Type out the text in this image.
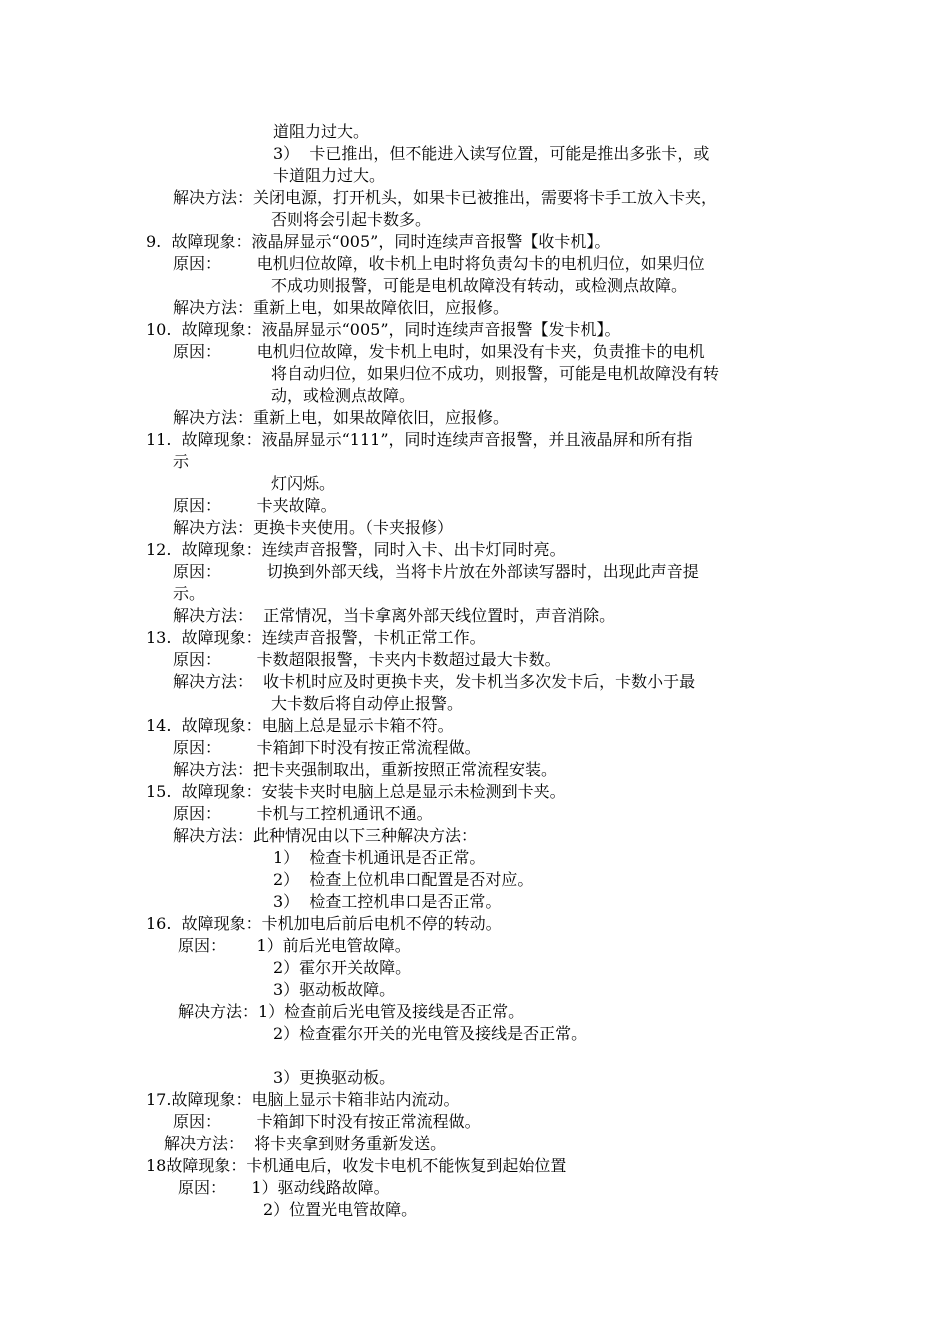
道阻力过大。
3）  卡已推出，但不能进入读写位置，可能是推出多张卡，或
卡道阻力过大。
解决方法：关闭电源，打开机头，如果卡已被推出，需要将卡手工放入卡夹，
否则将会引起卡数多。
9.  故障现象：液晶屏显示“005”，同时连续声音报警【收卡机】。
原因：       电机归位故障，收卡机上电时将负责勾卡的电机归位，如果归位
不成功则报警，可能是电机故障没有转动，或检测点故障。
解决方法：重新上电，如果故障依旧，应报修。
10.  故障现象：液晶屏显示“005”，同时连续声音报警【发卡机】。
原因：       电机归位故障，发卡机上电时，如果没有卡夹，负责推卡的电机
将自动归位，如果归位不成功，则报警，可能是电机故障没有转
动，或检测点故障。
解决方法：重新上电，如果故障依旧，应报修。
11.  故障现象：液晶屏显示“111”，同时连续声音报警，并且液晶屏和所有指
示
灯闪烁。
原因：       卡夹故障。
解决方法：更换卡夹使用。（卡夹报修）
12.  故障现象：连续声音报警，同时入卡、出卡灯同时亮。
原因：         切换到外部天线，当将卡片放在外部读写器时，出现此声音提
示。
解决方法：  正常情况，当卡拿离外部天线位置时，声音消除。
13.  故障现象：连续声音报警，卡机正常工作。
原因：       卡数超限报警，卡夹内卡数超过最大卡数。
解决方法：  收卡机时应及时更换卡夹，发卡机当多次发卡后，卡数小于最
大卡数后将自动停止报警。
14.  故障现象：电脑上总是显示卡箱不符。
原因：       卡箱卸下时没有按正常流程做。
解决方法：把卡夹强制取出，重新按照正常流程安装。
15.  故障现象：安装卡夹时电脑上总是显示未检测到卡夹。
原因：       卡机与工控机通讯不通。
解决方法：此种情况由以下三种解决方法：
1）  检查卡机通讯是否正常。
2）  检查上位机串口配置是否对应。
3）  检查工控机串口是否正常。
16.  故障现象：卡机加电后前后电机不停的转动。
原因：      1）前后光电管故障。
2）霍尔开关故障。
3）驱动板故障。
解决方法：1）检查前后光电管及接线是否正常。
2）检查霍尔开关的光电管及接线是否正常。
3）更换驱动板。
17.故障现象：电脑上显示卡箱非站内流动。
原因：       卡箱卸下时没有按正常流程做。
解决方法：  将卡夹拿到财务重新发送。
18故障现象：卡机通电后，收发卡电机不能恢复到起始位置
原因：     1）驱动线路故障。
2）位置光电管故障。
